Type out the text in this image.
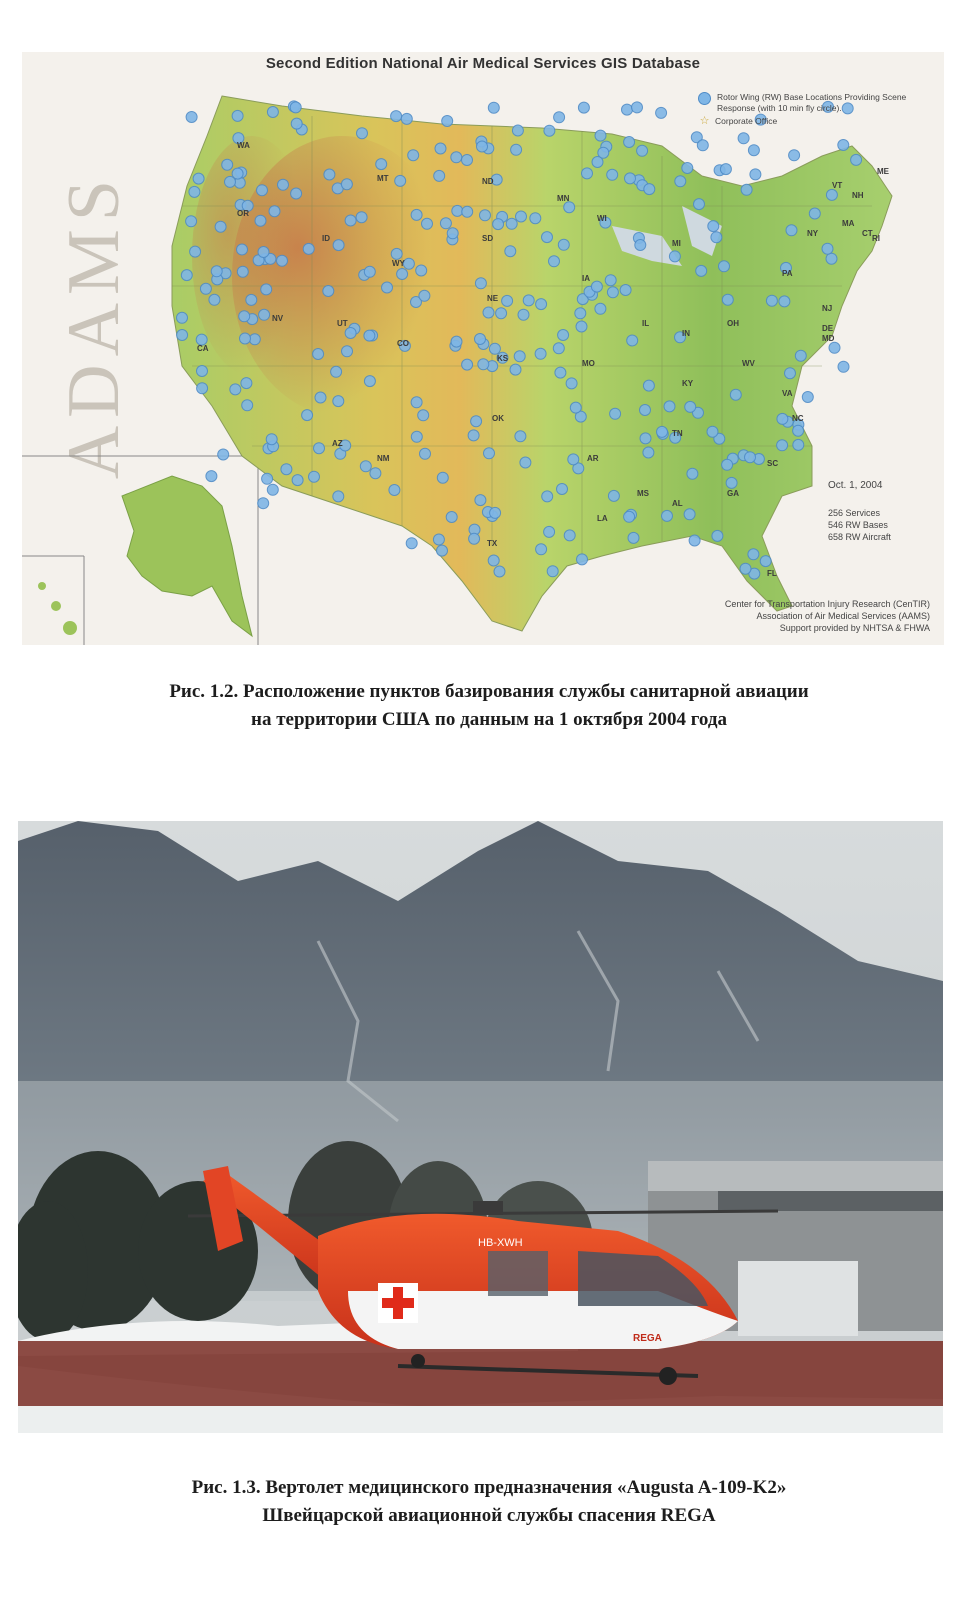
Second Edition National Air Medical Services GIS Database
ADAMS
WA
MT	ND
MN
ME
OR
ID	SD
WI
VT
NH
MA
NY	CT
RI
WY
MI
NV
NE
IA
PA
NJ
UT
CO
IL
IN
OH
DE
MD
CA
KS
MO	WV
VA
KY
AZ
NM
OK	NC
TN
AR
SC
MS
AL
GA
TX
LA
FL
Rotor Wing (RW) Base Locations Providing Scene Response (with 10 min fly circle).
☆ Corporate Office
Oct. 1, 2004
256 Services
546 RW Bases
658 RW Aircraft
Center for Transportation Injury Research (CenTIR)
Association of Air Medical Services (AAMS)
Support provided by NHTSA & FHWA
Рис. 1.2. Расположение пунктов базирования службы санитарной авиации
на территории США по данным на 1 октября 2004 года
HB-XWH
REGA
Рис. 1.3. Вертолет медицинского предназначения «Augusta A-109-K2»
Швейцарской авиационной службы спасения REGA
